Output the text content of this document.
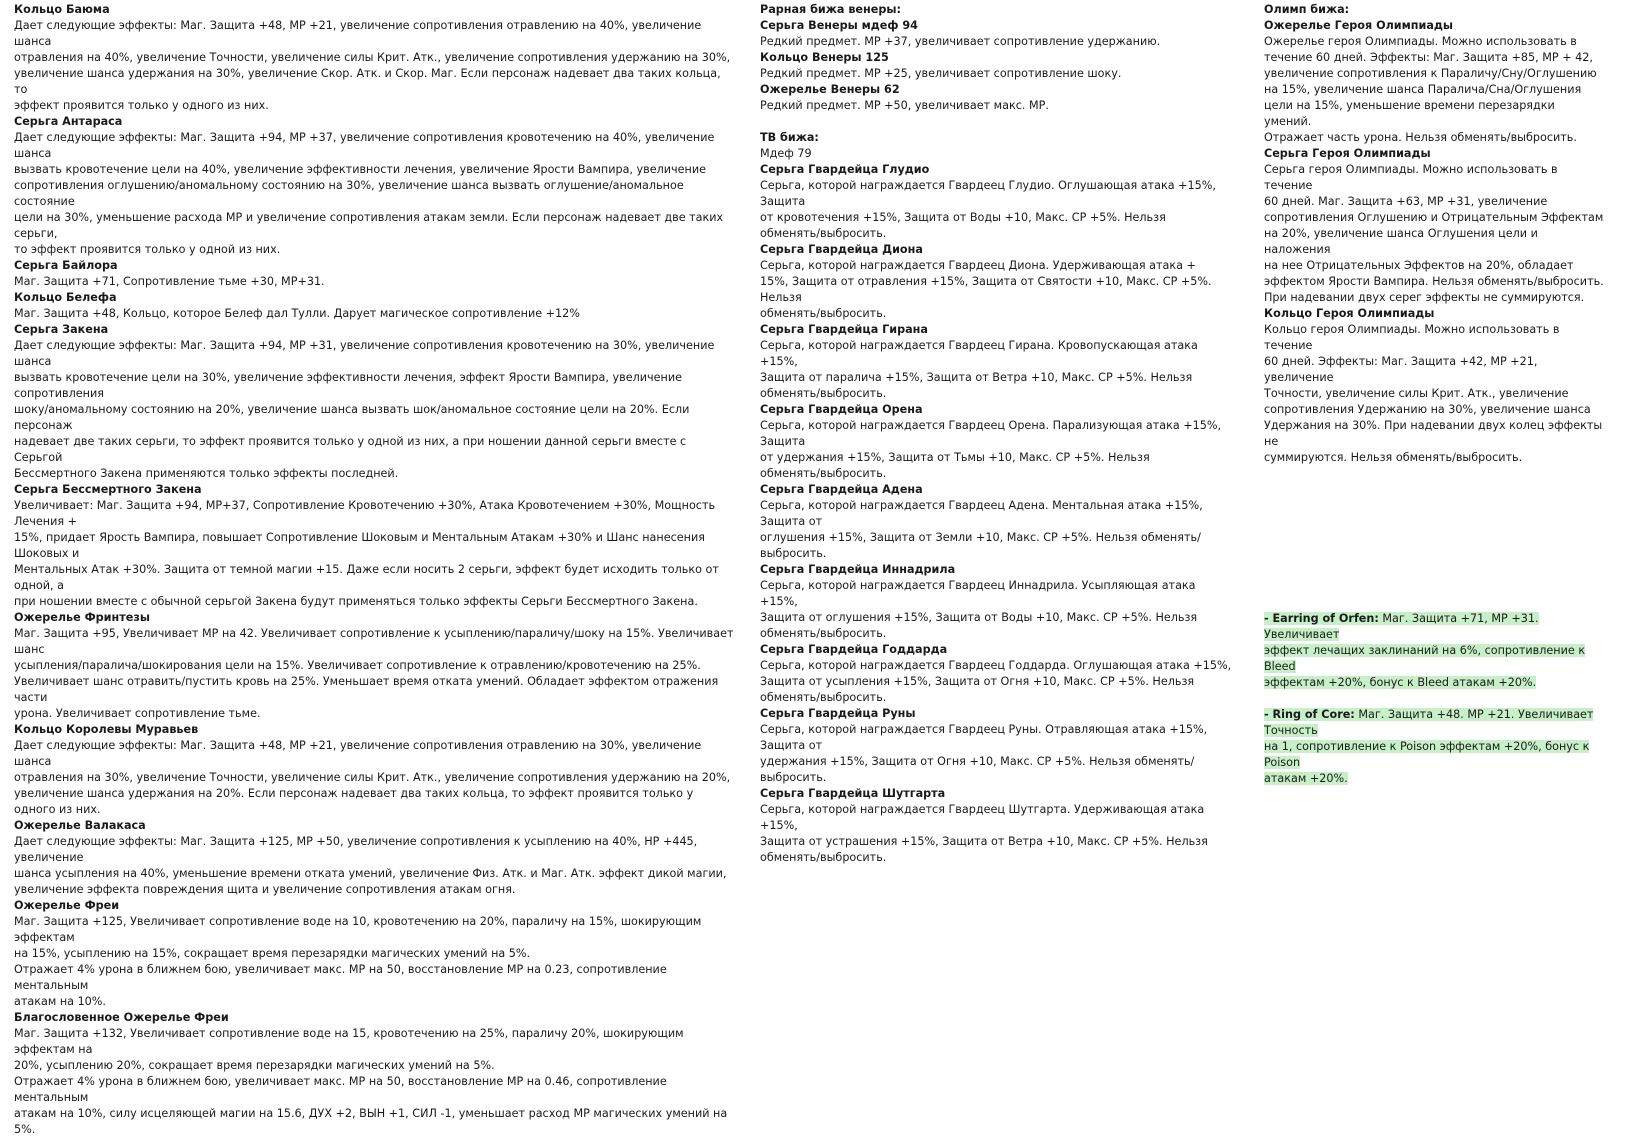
Кольцо Баюма

Дает следующие эффекты: Маг. Защита +48, МР +21, увеличение сопротивления отравлению на 40%, увеличение шанса

отравления на 40%, увеличение Точности, увеличение силы Крит. Атк., увеличение сопротивления удержанию на 30%,

увеличение шанса удержания на 30%, увеличение Скор. Атк. и Скор. Маг. Если персонаж надевает два таких кольца, то

эффект проявится только у одного из них.

Серьга Антараса

Дает следующие эффекты: Маг. Защита +94, МР +37, увеличение сопротивления кровотечению на 40%, увеличение шанса

вызвать кровотечение цели на 40%, увеличение эффективности лечения, увеличение Ярости Вампира, увеличение

сопротивления оглушению/аномальному состоянию на 30%, увеличение шанса вызвать оглушение/аномальное состояние

цели на 30%, уменьшение расхода МР и увеличение сопротивления атакам земли. Если персонаж надевает две таких серьги,

то эффект проявится только у одной из них.

Серьга Байлора

Маг. Защита +71, Сопротивление тьме +30, МР+31.

Кольцо Белефа

Маг. Защита +48, Кольцо, которое Белеф дал Тулли. Дарует магическое сопротивление +12%

Серьга Закена

Дает следующие эффекты: Маг. Защита +94, МР +31, увеличение сопротивления кровотечению на 30%, увеличение шанса

вызвать кровотечение цели на 30%, увеличение эффективности лечения, эффект Ярости Вампира, увеличение сопротивления

шоку/аномальному состоянию на 20%, увеличение шанса вызвать шок/аномальное состояние цели на 20%. Если персонаж

надевает две таких серьги, то эффект проявится только у одной из них, а при ношении данной серьги вместе с Серьгой

Бессмертного Закена применяются только эффекты последней.

Серьга Бессмертного Закена

Увеличивает: Маг. Защита +94, МР+37, Сопротивление Кровотечению +30%, Атака Кровотечением +30%, Мощность Лечения +

15%, придает Ярость Вампира, повышает Сопротивление Шоковым и Ментальным Атакам +30% и Шанс нанесения Шоковых и

Ментальных Атак +30%. Защита от темной магии +15. Даже если носить 2 серьги, эффект будет исходить только от одной, а

при ношении вместе с обычной серьгой Закена будут применяться только эффекты Серьги Бессмертного Закена.

Ожерелье Фринтезы

Маг. Защита +95, Увеличивает МР на 42. Увеличивает сопротивление к усыплению/параличу/шоку на 15%. Увеличивает шанс

усыпления/паралича/шокирования цели на 15%. Увеличивает сопротивление к отравлению/кровотечению на 25%.

Увеличивает шанс отравить/пустить кровь на 25%. Уменьшает время отката умений. Обладает эффектом отражения части

урона. Увеличивает сопротивление тьме.

Кольцо Королевы Муравьев

Дает следующие эффекты: Маг. Защита +48, МР +21, увеличение сопротивления отравлению на 30%, увеличение шанса

отравления на 30%, увеличение Точности, увеличение силы Крит. Атк., увеличение сопротивления удержанию на 20%,

увеличение шанса удержания на 20%. Если персонаж надевает два таких кольца, то эффект проявится только у одного из них.

Ожерелье Валакаса

Дает следующие эффекты: Маг. Защита +125, МР +50, увеличение сопротивления к усыплению на 40%, НР +445, увеличение

шанса усыпления на 40%, уменьшение времени отката умений, увеличение Физ. Атк. и Маг. Атк. эффект дикой магии,

увеличение эффекта повреждения щита и увеличение сопротивления атакам огня.

Ожерелье Фреи

Маг. Защита +125, Увеличивает сопротивление воде на 10, кровотечению на 20%, параличу на 15%, шокирующим эффектам

на 15%, усыплению на 15%, сокращает время перезарядки магических умений на 5%.

Отражает 4% урона в ближнем бою, увеличивает макс. МР на 50, восстановление МР на 0.23, сопротивление ментальным

атакам на 10%.

Благословенное Ожерелье Фреи

Маг. Защита +132, Увеличивает сопротивление воде на 15, кровотечению на 25%, параличу 20%, шокирующим эффектам на

20%, усыплению 20%, сокращает время перезарядки магических умений на 5%.

Отражает 4% урона в ближнем бою, увеличивает макс. МР на 50, восстановление МР на 0.46, сопротивление ментальным

атакам на 10%, силу исцеляющей магии на 15.6, ДУХ +2, ВЫН +1, СИЛ -1, уменьшает расход МР магических умений на 5%.

Рарная бижа венеры:

Серьга Венеры мдеф 94

Редкий предмет. МР +37, увеличивает сопротивление удержанию.

Кольцо Венеры 125

Редкий предмет. МР +25, увеличивает сопротивление шоку.

Ожерелье Венеры 62

Редкий предмет. МР +50, увеличивает макс. МР.

ТВ бижа:

Мдеф 79

Серьга Гвардейца Глудио

Серьга, которой награждается Гвардеец Глудио. Оглушающая атака +15%, Защита

от кровотечения +15%, Защита от Воды +10, Макс. СР +5%. Нельзя

обменять/выбросить.

Серьга Гвардейца Диона

Серьга, которой награждается Гвардеец Диона. Удерживающая атака +

15%, Защита от отравления +15%, Защита от Святости +10, Макс. СР +5%. Нельзя

обменять/выбросить.

Серьга Гвардейца Гирана

Серьга, которой награждается Гвардеец Гирана. Кровопускающая атака +15%,

Защита от паралича +15%, Защита от Ветра +10, Макс. СР +5%. Нельзя

обменять/выбросить.

Серьга Гвардейца Орена

Серьга, которой награждается Гвардеец Орена. Парализующая атака +15%, Защита

от удержания +15%, Защита от Тьмы +10, Макс. СР +5%. Нельзя

обменять/выбросить.

Серьга Гвардейца Адена

Серьга, которой награждается Гвардеец Адена. Ментальная атака +15%, Защита от

оглушения +15%, Защита от Земли +10, Макс. СР +5%. Нельзя обменять/выбросить.

Серьга Гвардейца Иннадрила

Серьга, которой награждается Гвардеец Иннадрила. Усыпляющая атака +15%,

Защита от оглушения +15%, Защита от Воды +10, Макс. СР +5%. Нельзя

обменять/выбросить.

Серьга Гвардейца Годдарда

Серьга, которой награждается Гвардеец Годдарда. Оглушающая атака +15%,

Защита от усыпления +15%, Защита от Огня +10, Макс. СР +5%. Нельзя

обменять/выбросить.

Серьга Гвардейца Руны

Серьга, которой награждается Гвардеец Руны. Отравляющая атака +15%, Защита от

удержания +15%, Защита от Огня +10, Макс. СР +5%. Нельзя обменять/выбросить.

Серьга Гвардейца Шутгарта

Серьга, которой награждается Гвардеец Шутгарта. Удерживающая атака +15%,

Защита от устрашения +15%, Защита от Ветра +10, Макс. СР +5%. Нельзя

обменять/выбросить.

Олимп бижа:

Ожерелье Героя Олимпиады

Ожерелье героя Олимпиады. Можно использовать в

течение 60 дней. Эффекты: Маг. Защита +85, МР + 42,

увеличение сопротивления к Параличу/Сну/Оглушению

на 15%, увеличение шанса Паралича/Сна/Оглушения

цели на 15%, уменьшение времени перезарядки умений.

Отражает часть урона. Нельзя обменять/выбросить.

Серьга Героя Олимпиады

Серьга героя Олимпиады. Можно использовать в течение

60 дней. Маг. Защита +63, МР +31, увеличение

сопротивления Оглушению и Отрицательным Эффектам

на 20%, увеличение шанса Оглушения цели и наложения

на нее Отрицательных Эффектов на 20%, обладает

эффектом Ярости Вампира. Нельзя обменять/выбросить.

При надевании двух серег эффекты не суммируются.

Кольцо Героя Олимпиады

Кольцо героя Олимпиады. Можно использовать в течение

60 дней. Эффекты: Маг. Защита +42, МР +21, увеличение

Точности, увеличение силы Крит. Атк., увеличение

сопротивления Удержанию на 30%, увеличение шанса

Удержания на 30%. При надевании двух колец эффекты не

суммируются. Нельзя обменять/выбросить.

- Earring of Orfen: Маг. Защита +71, МР +31. Увеличивает
эффект лечащих заклинаний на 6%, сопротивление к Bleed
эффектам +20%, бонус к Bleed атакам +20%.
- Ring of Core: Маг. Защита +48. МР +21. Увеличивает Точность
на 1, сопротивление к Poison эффектам +20%, бонус к Poison
атакам +20%.
